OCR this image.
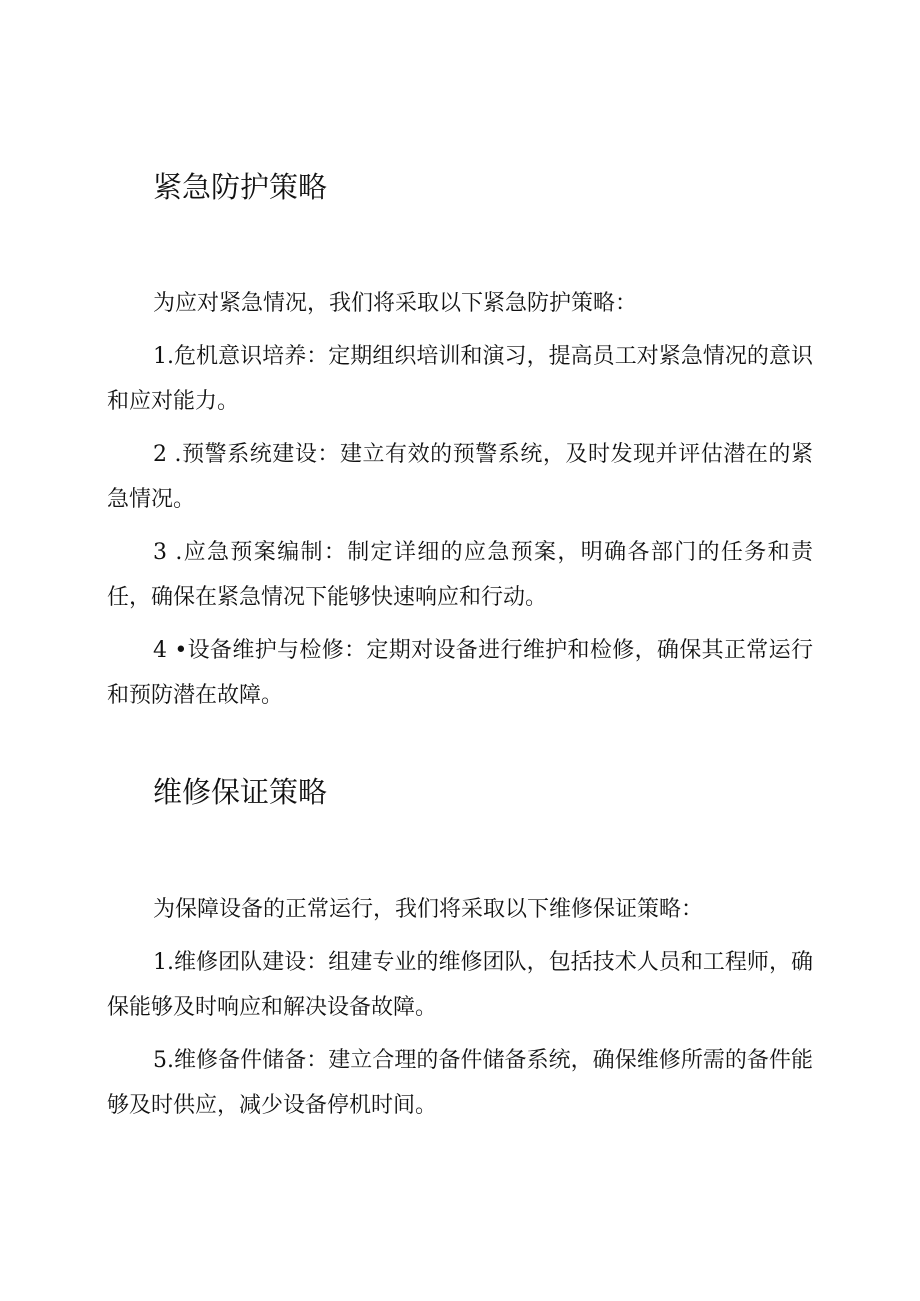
紧急防护策略

为应对紧急情况，我们将采取以下紧急防护策略：

1.危机意识培养：定期组织培训和演习，提高员工对紧急情况的意识和应对能力。

2 .预警系统建设：建立有效的预警系统，及时发现并评估潜在的紧急情况。

3 .应急预案编制：制定详细的应急预案，明确各部门的任务和责任，确保在紧急情况下能够快速响应和行动。

4 •设备维护与检修：定期对设备进行维护和检修，确保其正常运行和预防潜在故障。

维修保证策略

为保障设备的正常运行，我们将采取以下维修保证策略：

1.维修团队建设：组建专业的维修团队，包括技术人员和工程师，确保能够及时响应和解决设备故障。

5.维修备件储备：建立合理的备件储备系统，确保维修所需的备件能够及时供应，减少设备停机时间。
